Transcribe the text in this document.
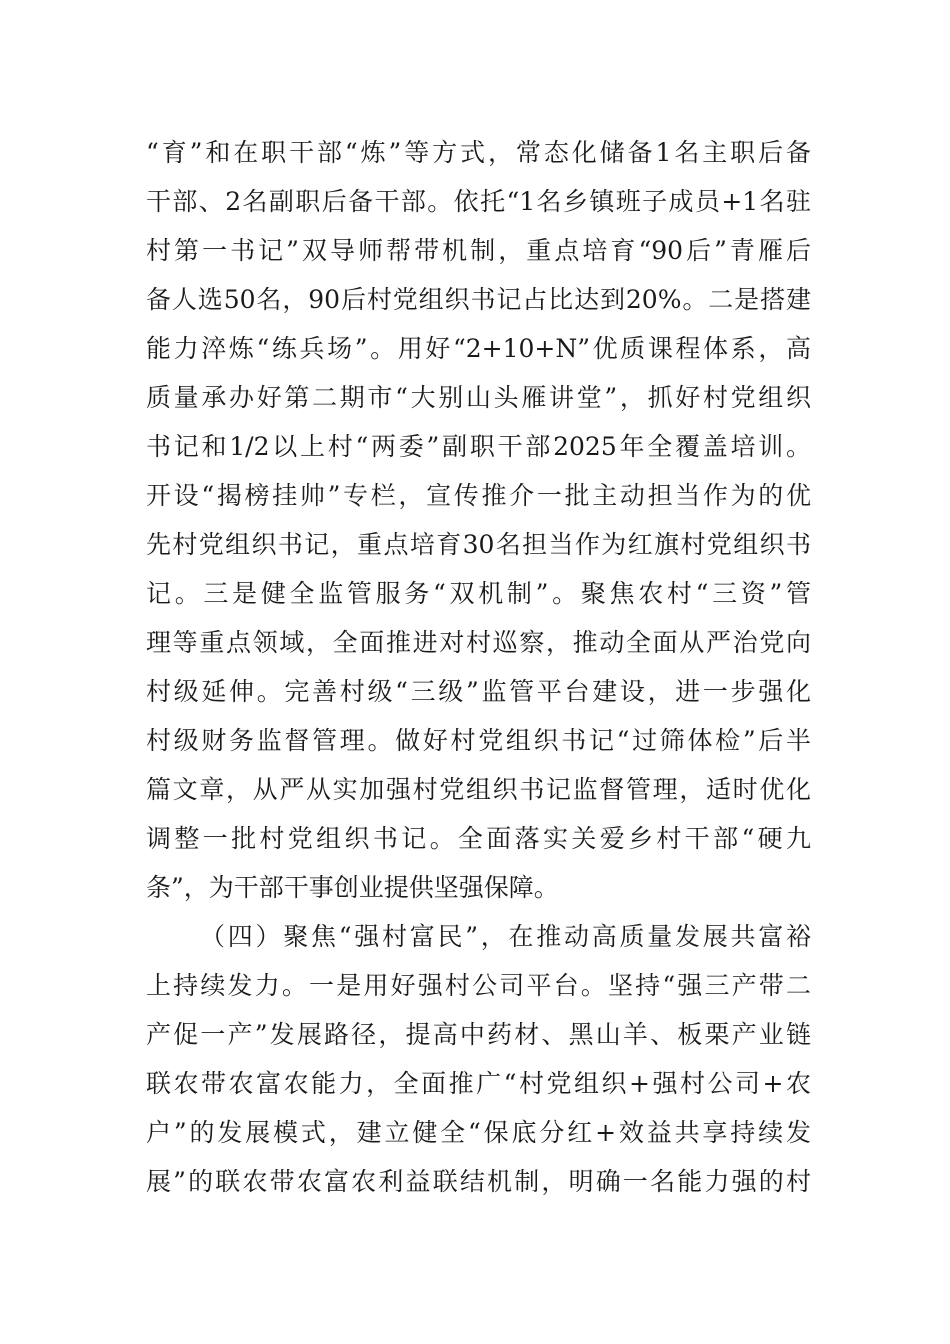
“育”和在职干部“炼”等方式，常态化储备1名主职后备
干部、2名副职后备干部。依托“1名乡镇班子成员+1名驻
村第一书记”双导师帮带机制，重点培育“90后”青雁后
备人选50名，90后村党组织书记占比达到20%。二是搭建
能力淬炼“练兵场”。用好“2+10+N”优质课程体系，高
质量承办好第二期市“大别山头雁讲堂”，抓好村党组织
书记和1/2以上村“两委”副职干部2025年全覆盖培训。
开设“揭榜挂帅”专栏，宣传推介一批主动担当作为的优
先村党组织书记，重点培育30名担当作为红旗村党组织书
记。三是健全监管服务“双机制”。聚焦农村“三资”管
理等重点领域，全面推进对村巡察，推动全面从严治党向
村级延伸。完善村级“三级”监管平台建设，进一步强化
村级财务监督管理。做好村党组织书记“过筛体检”后半
篇文章，从严从实加强村党组织书记监督管理，适时优化
调整一批村党组织书记。全面落实关爱乡村干部“硬九
条”，为干部干事创业提供坚强保障。
（四）聚焦“强村富民”，在推动高质量发展共富裕
上持续发力。一是用好强村公司平台。坚持“强三产带二
产促一产”发展路径，提高中药材、黑山羊、板栗产业链
联农带农富农能力，全面推广“村党组织+强村公司+农
户”的发展模式，建立健全“保底分红+效益共享持续发
展”的联农带农富农利益联结机制，明确一名能力强的村
